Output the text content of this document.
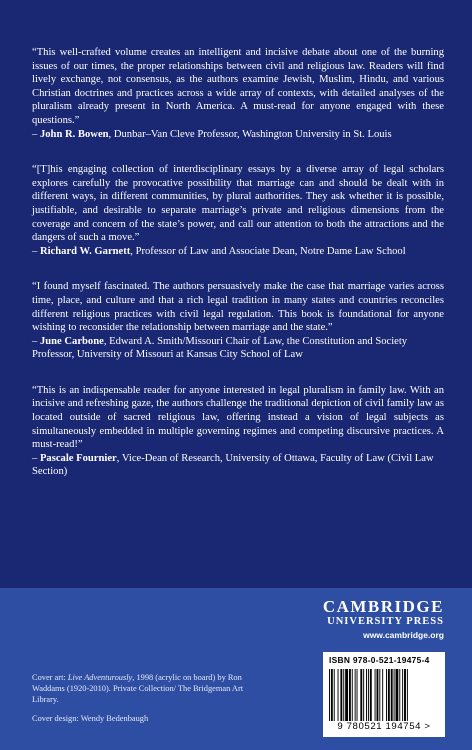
“This well-crafted volume creates an intelligent and incisive debate about one of the burning issues of our times, the proper relationships between civil and religious law. Readers will find lively exchange, not consensus, as the authors examine Jewish, Muslim, Hindu, and various Christian doctrines and practices across a wide array of contexts, with detailed analyses of the pluralism already present in North America. A must-read for anyone engaged with these questions.”

– John R. Bowen, Dunbar–Van Cleve Professor, Washington University in St. Louis

“[T]his engaging collection of interdisciplinary essays by a diverse array of legal scholars explores carefully the provocative possibility that marriage can and should be dealt with in different ways, in different communities, by plural authorities. They ask whether it is possible, justifiable, and desirable to separate marriage’s private and religious dimensions from the coverage and concern of the state’s power, and call our attention to both the attractions and the dangers of such a move.”

– Richard W. Garnett, Professor of Law and Associate Dean, Notre Dame Law School

“I found myself fascinated. The authors persuasively make the case that marriage varies across time, place, and culture and that a rich legal tradition in many states and countries reconciles different religious practices with civil legal regulation. This book is foundational for anyone wishing to reconsider the relationship between marriage and the state.”

– June Carbone, Edward A. Smith/Missouri Chair of Law, the Constitution and Society Professor, University of Missouri at Kansas City School of Law

“This is an indispensable reader for anyone interested in legal pluralism in family law. With an incisive and refreshing gaze, the authors challenge the traditional depiction of civil family law as located outside of sacred religious law, offering instead a vision of legal subjects as simultaneously embedded in multiple governing regimes and competing discursive practices. A must-read!”

– Pascale Fournier, Vice-Dean of Research, University of Ottawa, Faculty of Law (Civil Law Section)

CAMBRIDGE
UNIVERSITY PRESS
www.cambridge.org

Cover art: Live Adventurously, 1998 (acrylic on board) by Ron Waddams (1920-2010). Private Collection/ The Bridgeman Art Library.

Cover design: Wendy Bedenbaugh

ISBN 978-0-521-19475-4
9 780521 194754 >
